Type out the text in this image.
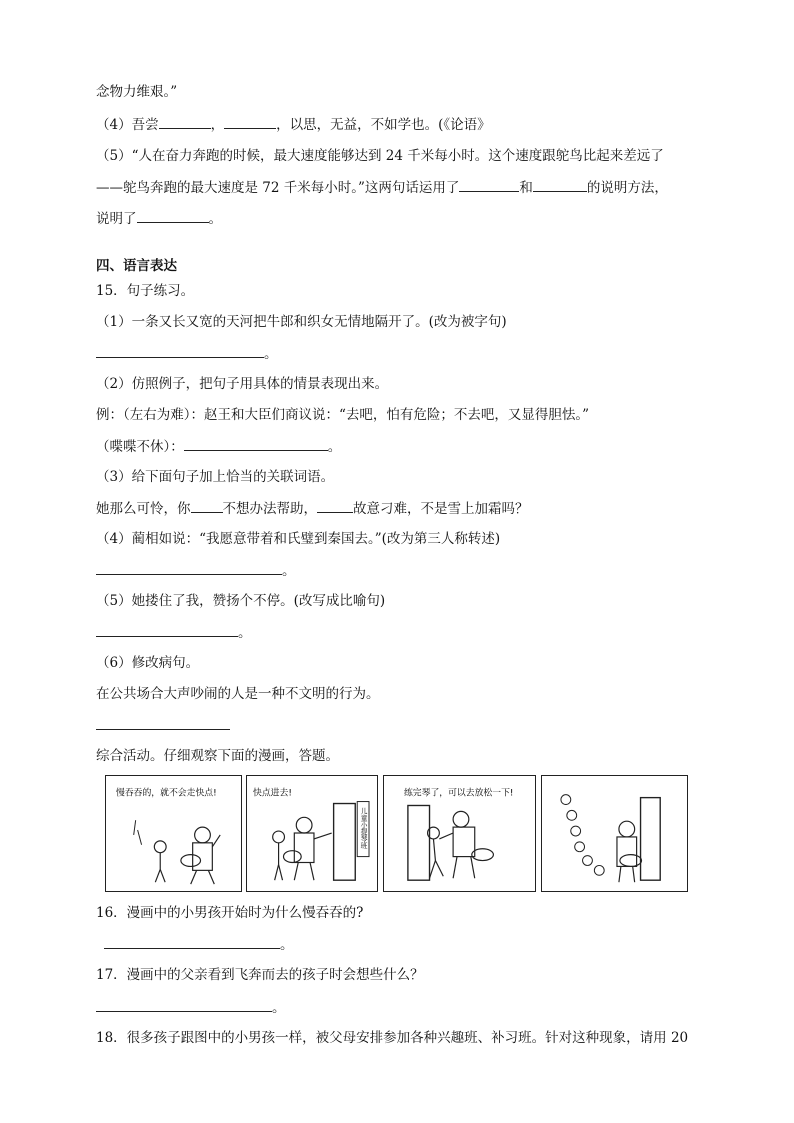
念物力维艰。”
（4）吾尝	，	，以思，无益，不如学也。(《论语》
（5）“人在奋力奔跑的时候，最大速度能够达到 24 千米每小时。这个速度跟鸵鸟比起来差远了
——鸵鸟奔跑的最大速度是 72 千米每小时。”这两句话运用了	和	的说明方法，
说明了	。
四、语言表达
15．句子练习。
（1）一条又长又宽的天河把牛郎和织女无情地隔开了。(改为被字句)
。
（2）仿照例子，把句子用具体的情景表现出来。
例：（左右为难）：赵王和大臣们商议说：“去吧，怕有危险；不去吧，又显得胆怯。”
（喋喋不休）：	。
（3）给下面句子加上恰当的关联词语。
她那么可怜，你 不想办法帮助，	故意刁难，不是雪上加霜吗？
（4）蔺相如说：“我愿意带着和氏璧到秦国去。”(改为第三人称转述)
。
（5）她搂住了我，赞扬个不停。(改写成比喻句)
。
（6）修改病句。
在公共场合大声吵闹的人是一种不文明的行为。
综合活动。仔细观察下面的漫画，答题。
慢吞吞的，就不会走快点!	快点进去!
儿童小提琴班
练完琴了，可以去放松一下!
16．漫画中的小男孩开始时为什么慢吞吞的?
。
17．漫画中的父亲看到飞奔而去的孩子时会想些什么？
。
18．很多孩子跟图中的小男孩一样，被父母安排参加各种兴趣班、补习班。针对这种现象，请用 20
